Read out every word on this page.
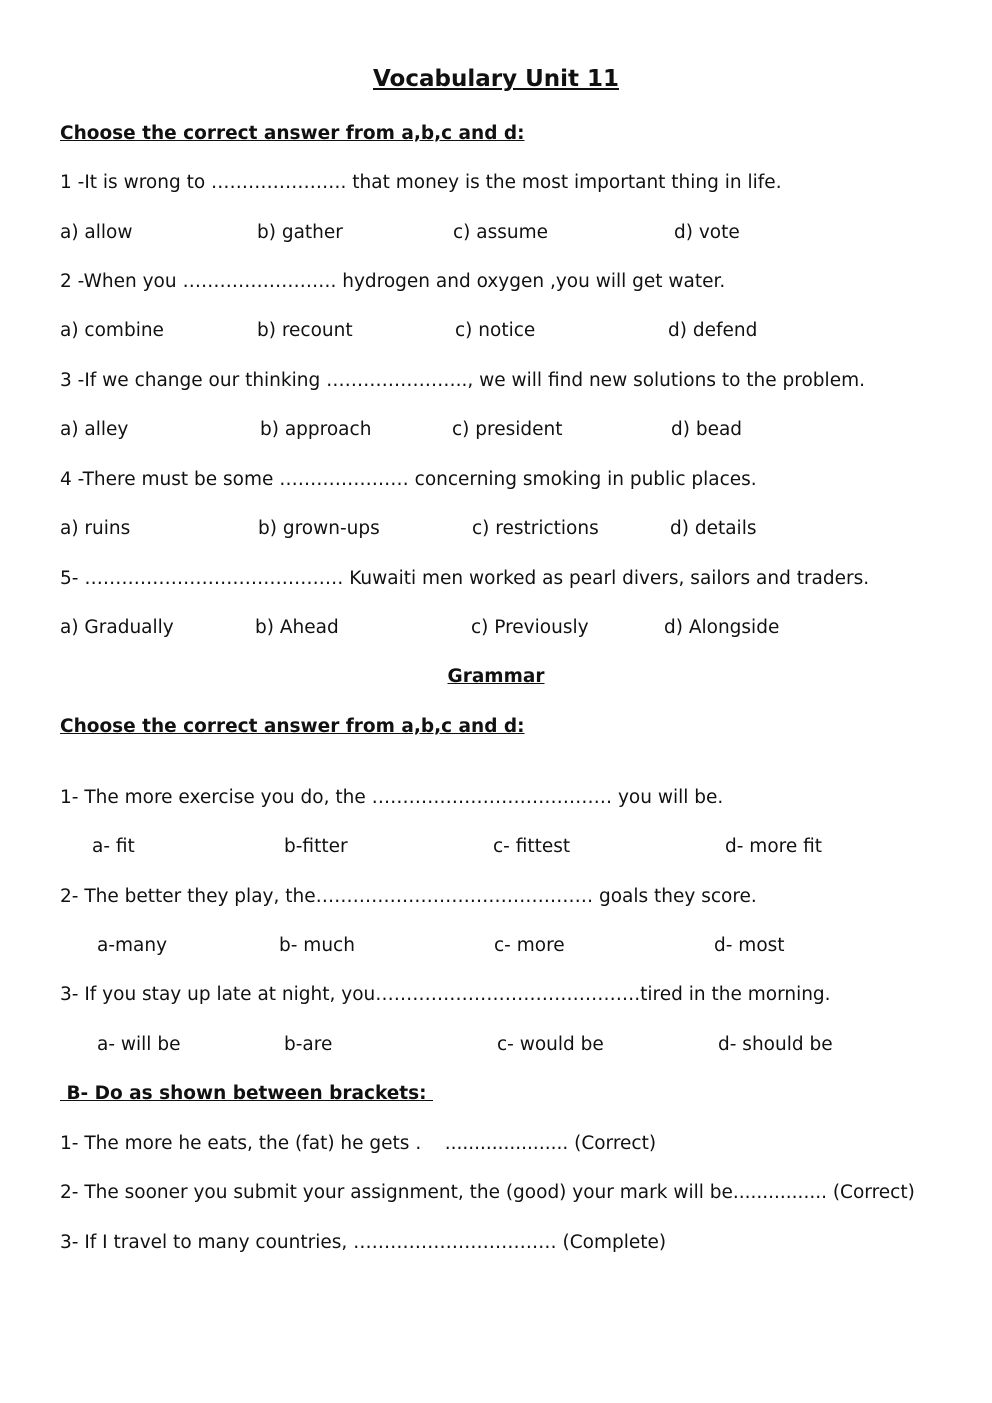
Vocabulary Unit 11
Choose the correct answer from a,b,c and d:
1 -It is wrong to …………………. that money is the most important thing in life.
a) allow	b) gather	c) assume	d) vote
2 -When you ……………………. hydrogen and oxygen ,you will get water.
a) combine	b) recount	c) notice	d) defend
3 -If we change our thinking ………………….., we will find new solutions to the problem.
a) alley	b) approach	c) president	d) bead
4 -There must be some ………………… concerning smoking in public places.
a) ruins	b) grown-ups	c) restrictions	d) details
5- …………………………………… Kuwaiti men worked as pearl divers, sailors and traders.
a) Gradually	b) Ahead	c) Previously	d) Alongside
Grammar
Choose the correct answer from a,b,c and d:
1- The more exercise you do, the ………………………………… you will be.
a- fit	b-fitter	c- fittest	d- more fit
2- The better they play, the……………………………………… goals they score.
a-many	b- much	c- more	d- most
3- If you stay up late at night, you…………………………………….tired in the morning.
a- will be	b-are	c- would be	d- should be
B- Do as shown between brackets:
1- The more he eats, the (fat) he gets .    ..................... (Correct)
2- The sooner you submit your assignment, the (good) your mark will be................ (Correct)
3- If I travel to many countries, …………………………… (Complete)
